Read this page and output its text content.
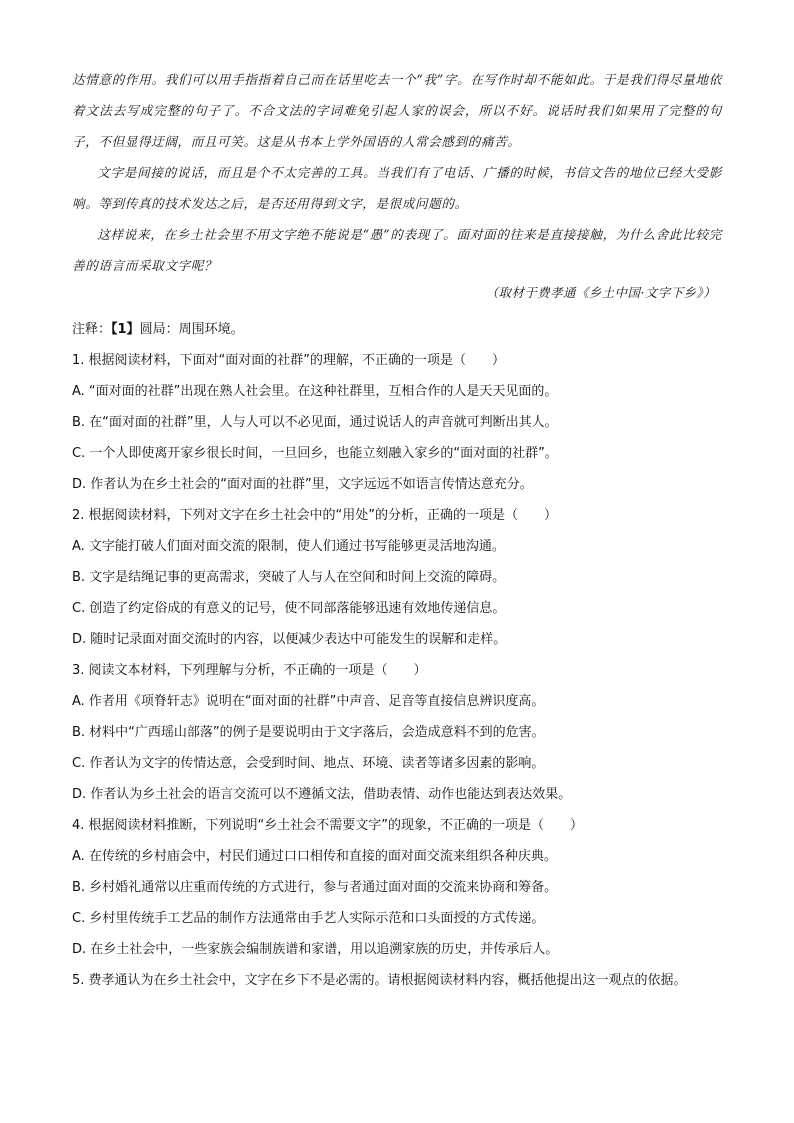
达情意的作用。我们可以用手指指着自己而在话里吃去一个“我”字。在写作时却不能如此。于是我们得尽量地依着文法去写成完整的句子了。不合文法的字词难免引起人家的误会，所以不好。说话时我们如果用了完整的句子，不但显得迂阔，而且可笑。这是从书本上学外国语的人常会感到的痛苦。

文字是间接的说话，而且是个不太完善的工具。当我们有了电话、广播的时候，书信文告的地位已经大受影响。等到传真的技术发达之后，是否还用得到文字，是很成问题的。

这样说来，在乡土社会里不用文字绝不能说是“愚”的表现了。面对面的往来是直接接触，为什么舍此比较完善的语言而采取文字呢？

（取材于费孝通《乡土中国·文字下乡》）
注释：【1】圆局：周围环境。
1. 根据阅读材料，下面对“面对面的社群”的理解，不正确的一项是（　　）
A. “面对面的社群”出现在熟人社会里。在这种社群里，互相合作的人是天天见面的。
B. 在“面对面的社群”里，人与人可以不必见面，通过说话人的声音就可判断出其人。
C. 一个人即使离开家乡很长时间，一旦回乡，也能立刻融入家乡的“面对面的社群”。
D. 作者认为在乡土社会的“面对面的社群”里，文字远远不如语言传情达意充分。
2. 根据阅读材料，下列对文字在乡土社会中的“用处”的分析，正确的一项是（　　）
A. 文字能打破人们面对面交流的限制，使人们通过书写能够更灵活地沟通。
B. 文字是结绳记事的更高需求，突破了人与人在空间和时间上交流的障碍。
C. 创造了约定俗成的有意义的记号，使不同部落能够迅速有效地传递信息。
D. 随时记录面对面交流时的内容，以便减少表达中可能发生的误解和走样。
3. 阅读文本材料，下列理解与分析，不正确的一项是（　　）
A. 作者用《项脊轩志》说明在“面对面的社群”中声音、足音等直接信息辨识度高。
B. 材料中“广西瑶山部落”的例子是要说明由于文字落后，会造成意料不到的危害。
C. 作者认为文字的传情达意，会受到时间、地点、环境、读者等诸多因素的影响。
D. 作者认为乡土社会的语言交流可以不遵循文法，借助表情、动作也能达到表达效果。
4. 根据阅读材料推断，下列说明“乡土社会不需要文字”的现象，不正确的一项是（　　）
A. 在传统的乡村庙会中，村民们通过口口相传和直接的面对面交流来组织各种庆典。
B. 乡村婚礼通常以庄重而传统的方式进行，参与者通过面对面的交流来协商和筹备。
C. 乡村里传统手工艺品的制作方法通常由手艺人实际示范和口头面授的方式传递。
D. 在乡土社会中，一些家族会编制族谱和家谱，用以追溯家族的历史，并传承后人。
5. 费孝通认为在乡土社会中，文字在乡下不是必需的。请根据阅读材料内容，概括他提出这一观点的依据。
